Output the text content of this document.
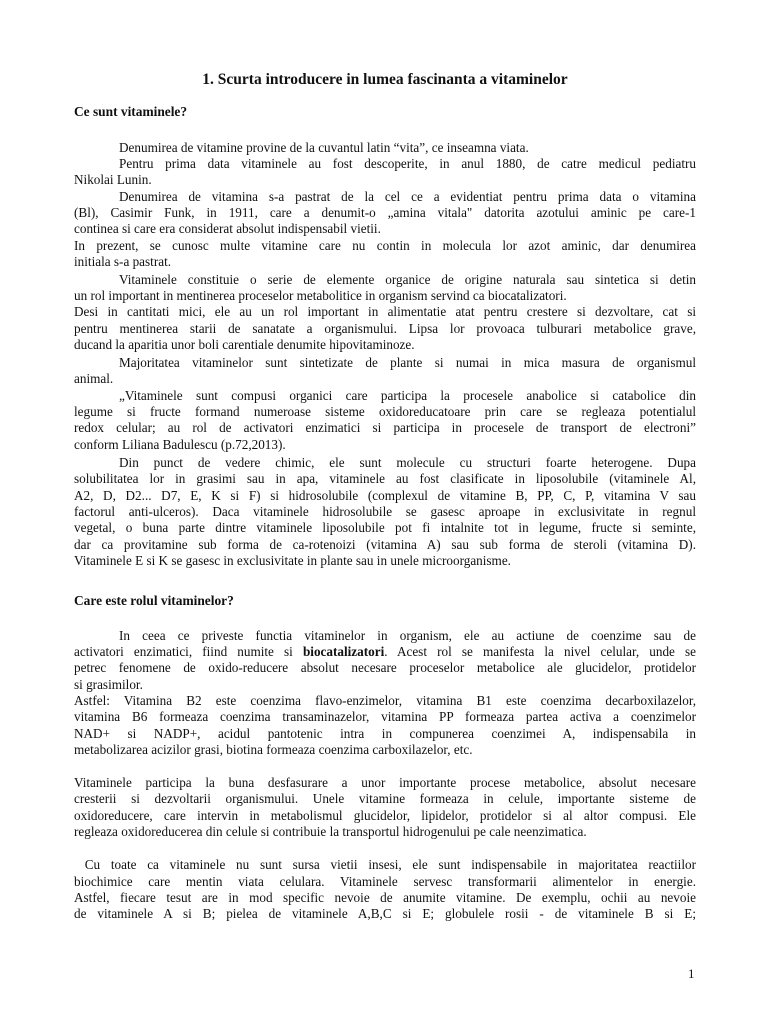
1. Scurta introducere in lumea fascinanta a vitaminelor
Ce sunt vitaminele?
Denumirea de vitamine provine de la cuvantul latin “vita”, ce inseamna viata.
Pentru prima data vitaminele au fost descoperite, in anul 1880, de catre medicul pediatru
Nikolai Lunin.
Denumirea de vitamina s-a pastrat de la cel ce a evidentiat pentru prima data o vitamina
(Bl), Casimir Funk, in 1911, care a denumit-o „amina vitala" datorita azotului aminic pe care-1
continea si care era considerat absolut indispensabil vietii.
In prezent, se cunosc multe vitamine care nu contin in molecula lor azot aminic, dar denumirea
initiala s-a pastrat.
Vitaminele constituie o serie de elemente organice de origine naturala sau sintetica si detin
un rol important in mentinerea proceselor metabolitice in organism servind ca biocatalizatori.
Desi in cantitati mici, ele au un rol important in alimentatie atat pentru crestere si dezvoltare, cat si
pentru mentinerea starii de sanatate a organismului. Lipsa lor provoaca tulburari metabolice grave,
ducand la aparitia unor boli carentiale denumite hipovitaminoze.
Majoritatea vitaminelor sunt sintetizate de plante si numai in mica masura de organismul
animal.
„Vitaminele sunt compusi organici care participa la procesele anabolice si catabolice din
legume si fructe formand numeroase sisteme oxidoreducatoare prin care se regleaza potentialul
redox celular; au rol de activatori enzimatici si participa in procesele de transport de electroni”
conform Liliana Badulescu (p.72,2013).
Din punct de vedere chimic, ele sunt molecule cu structuri foarte heterogene. Dupa
solubilitatea lor in grasimi sau in apa, vitaminele au fost clasificate in liposolubile (vitaminele Al,
A2, D, D2... D7, E, K si F) si hidrosolubile (complexul de vitamine B, PP, C, P, vitamina V sau
factorul anti-ulceros). Daca vitaminele hidrosolubile se gasesc aproape in exclusivitate in regnul
vegetal, o buna parte dintre vitaminele liposolubile pot fi intalnite tot in legume, fructe si seminte,
dar ca provitamine sub forma de ca-rotenoizi (vitamina A) sau sub forma de steroli (vitamina D).
Vitaminele E si K se gasesc in exclusivitate in plante sau in unele microorganisme.
Care este rolul vitaminelor?
In ceea ce priveste functia vitaminelor in organism, ele au actiune de coenzime sau de
activatori enzimatici, fiind numite si biocatalizatori. Acest rol se manifesta la nivel celular, unde se
petrec fenomene de oxido-reducere absolut necesare proceselor metabolice ale glucidelor, protidelor
si grasimilor.
Astfel: Vitamina B2 este coenzima flavo-enzimelor, vitamina B1 este coenzima decarboxilazelor,
vitamina B6 formeaza coenzima transaminazelor, vitamina PP formeaza partea activa a coenzimelor
NAD+ si NADP+, acidul pantotenic intra in compunerea coenzimei A, indispensabila in
metabolizarea acizilor grasi, biotina formeaza coenzima carboxilazelor, etc.
Vitaminele participa la buna desfasurare a unor importante procese metabolice, absolut necesare
cresterii si dezvoltarii organismului. Unele vitamine formeaza in celule, importante sisteme de
oxidoreducere, care intervin in metabolismul glucidelor, lipidelor, protidelor si al altor compusi. Ele
regleaza oxidoreducerea din celule si contribuie la transportul hidrogenului pe cale neenzimatica.
Cu toate ca vitaminele nu sunt sursa vietii insesi, ele sunt indispensabile in majoritatea reactiilor
biochimice care mentin viata celulara. Vitaminele servesc transformarii alimentelor in energie.
Astfel, fiecare tesut are in mod specific nevoie de anumite vitamine. De exemplu, ochii au nevoie
de vitaminele A si B; pielea de vitaminele A,B,C si E; globulele rosii - de vitaminele B si E;
1
